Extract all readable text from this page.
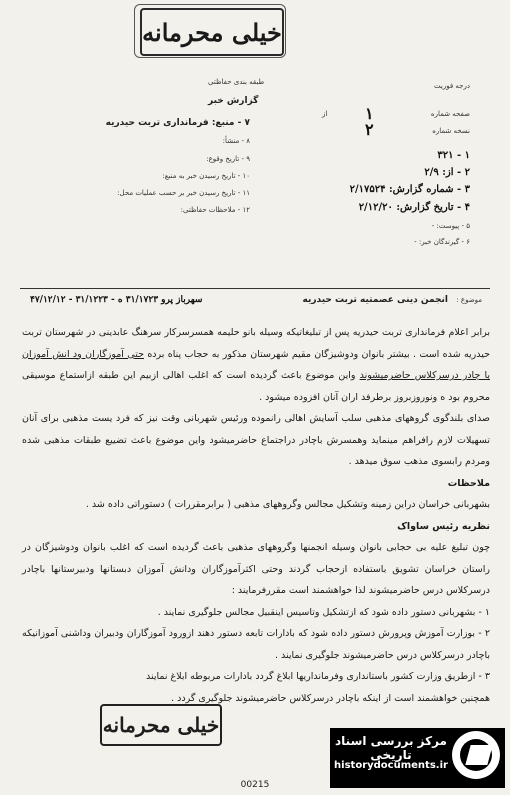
خیلی محرمانه
طبقه بندی حفاظتی
گزارش خبر
درجه فوریت
صفحه شماره
۱
از
نسخه شماره
۲
۱ - ۳۲۱
۲ - از: ۲/۹
۳ - شماره گزارش: ۲/۱۷۵۲۴
۴ - تاریخ گزارش: ۲/۱۲/۲۰
۵ - پیوست: -
۶ - گیرندگان خبر: -
۷ - منبع: فرمانداری تربت حیدریه
۸ - منشأ:
۹ - تاریخ وقوع:
۱۰ - تاریخ رسیدن خبر به منبع:
۱۱ - تاریخ رسیدن خبر بر حسب عملیات محل:
۱۲ - ملاحظات حفاظتی:
موضوع :
انجمن دینی عصمتیه تربت حیدریه
سهرباز پرو ۳۱/۱۷۲۳ ه - ۳۱/۱۲۲۳ - ۴۷/۱۲/۱۲

برابر اعلام فرمانداری تربت حیدریه پس از تبلیغاتیکه وسیله بانو حلیمه همسرسرکار سرهنگ عابدینی در شهرستان تربت حیدریه شده است . بیشتر بانوان ودوشیزگان مقیم شهرستان مذکور به حجاب پناه برده حتی آموزگاران ود انش آموزان با چادر درسرکلاس حاضرمیشوند واین موضوع باعث گردیده است که اغلب اهالی ازبیم این طبقه ازاستماع موسیقی محروم بود ه ونوروزبروز برطرفد اران آنان افزوده میشود .

صدای بلندگوی گروههای مذهبی سلب آسایش اهالی رانموده ورئیس شهربانی وقت نیز که فرد یست مذهبی برای آنان تسهیلات لازم رافراهم مینماید وهمسرش باچادر دراجتماع حاضرمیشود واین موضوع باعث تضییع طبقات مذهبی شده ومردم رابسوی مذهب سوق میدهد .

ملاحظات

بشهربانی خراسان دراین زمینه وتشکیل مجالس وگروههای مذهبی ( برابرمقررات ) دستوراتی داده شد .

نظریه رئیس ساواک

چون تبلیغ علیه بی حجابی بانوان وسیله انجمنها وگروههای مذهبی باعث گردیده است که اغلب بانوان ودوشیزگان در راستان خراسان تشویق باستفاده ازحجاب گردند وحتی اکثرآموزگاران ودانش آموزان دبستانها ودبیرستانها باچادر درسرکلاس درس حاضرمیشوند لذا خواهشمند است مقررفرمایند :

۱ - بشهربانی دستور داده شود که ازتشکیل وتاسیس اینقبیل مجالس جلوگیری نمایند .

۲ - بوزارت آموزش وپرورش دستور داده شود که بادارات تابعه دستور دهند ازورود آموزگاران ودبیران وداشنی آموزانیکه باچادر درسرکلاس درس حاضرمیشوند جلوگیری نمایند .

۳ - ازطریق وزارت کشور باستانداری وفرمانداریها ابلاغ گردد بادارات مربوطه ابلاغ نمایند

همچنین خواهشمند است از اینکه باچادر درسرکلاس حاضرمیشوند جلوگیری گردد .

خیلی محرمانه
مرکز بررسی اسناد تاریخی
historydocuments.ir
00215
